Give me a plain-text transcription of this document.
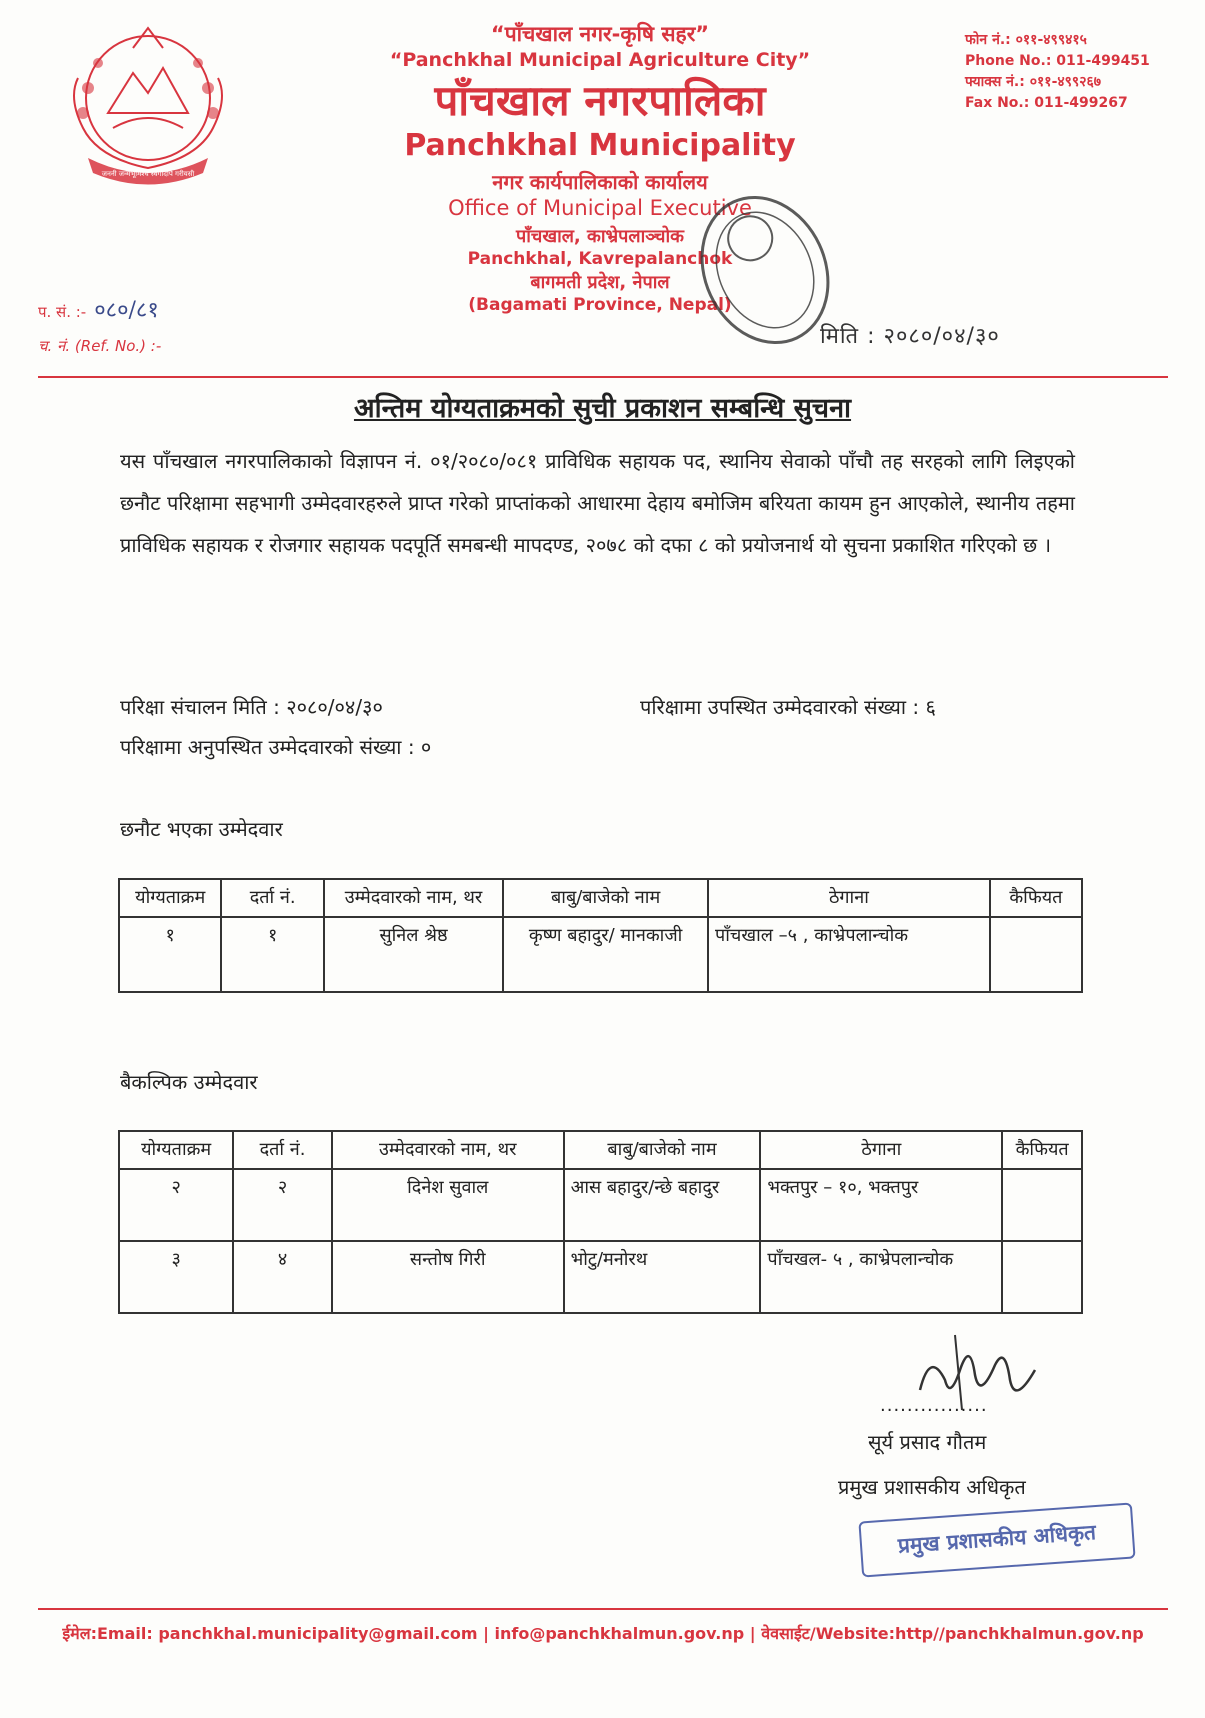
जननी जन्मभूमिश्च स्वर्गादपि गरीयसी
“पाँचखाल नगर-कृषि सहर”
“Panchkhal Municipal Agriculture City”
पाँचखाल नगरपालिका
Panchkhal Municipality
नगर कार्यपालिकाको कार्यालय
Office of Municipal Executive
पाँचखाल, काभ्रेपलाञ्चोक
Panchkhal, Kavrepalanchok
बागमती प्रदेश, नेपाल
(Bagamati Province, Nepal)
फोन नं.: ०११-४९९४१५
Phone No.: 011-499451
फ्याक्स नं.: ०११-४९९२६७
Fax No.: 011-499267
प. सं. :- ०८०/८१
च. नं. (Ref. No.) :-	मिति : २०८०/०४/३०
अन्तिम योग्यताक्रमको सुची प्रकाशन सम्बन्धि सुचना
यस पाँचखाल नगरपालिकाको विज्ञापन नं. ०१/२०८०/०८१ प्राविधिक सहायक पद, स्थानिय सेवाको पाँचौ तह सरहको लागि लिइएको छनौट परिक्षामा सहभागी उम्मेदवारहरुले प्राप्त गरेको प्राप्तांकको आधारमा देहाय बमोजिम बरियता कायम हुन आएकोले, स्थानीय तहमा प्राविधिक सहायक र रोजगार सहायक पदपूर्ति समबन्धी मापदण्ड, २०७८ को दफा ८ को प्रयोजनार्थ यो सुचना प्रकाशित गरिएको छ ।
परिक्षा संचालन मिति : २०८०/०४/३०	परिक्षामा उपस्थित उम्मेदवारको संख्या : ६
परिक्षामा अनुपस्थित उम्मेदवारको संख्या : ०
छनौट भएका उम्मेदवार
योग्यताक्रम	दर्ता नं.	उम्मेदवारको नाम, थर	बाबु/बाजेको नाम	ठेगाना	कैफियत
१	१	सुनिल श्रेष्ठ	कृष्ण बहादुर/ मानकाजी	पाँचखाल –५ , काभ्रेपलान्चोक	
बैकल्पिक उम्मेदवार
योग्यताक्रम	दर्ता नं.	उम्मेदवारको नाम, थर	बाबु/बाजेको नाम	ठेगाना	कैफियत
२	२	दिनेश सुवाल	आस बहादुर/न्छे बहादुर	भक्तपुर – १०, भक्तपुर	
३	४	सन्तोष गिरी	भोटु/मनोरथ	पाँचखल- ५ , काभ्रेपलान्चोक	
................
सूर्य प्रसाद गौतम
प्रमुख प्रशासकीय अधिकृत
प्रमुख प्रशासकीय अधिकृत
ईमेल:Email: panchkhal.municipality@gmail.com | info@panchkhalmun.gov.np | वेवसाईट/Website:http//panchkhalmun.gov.np
